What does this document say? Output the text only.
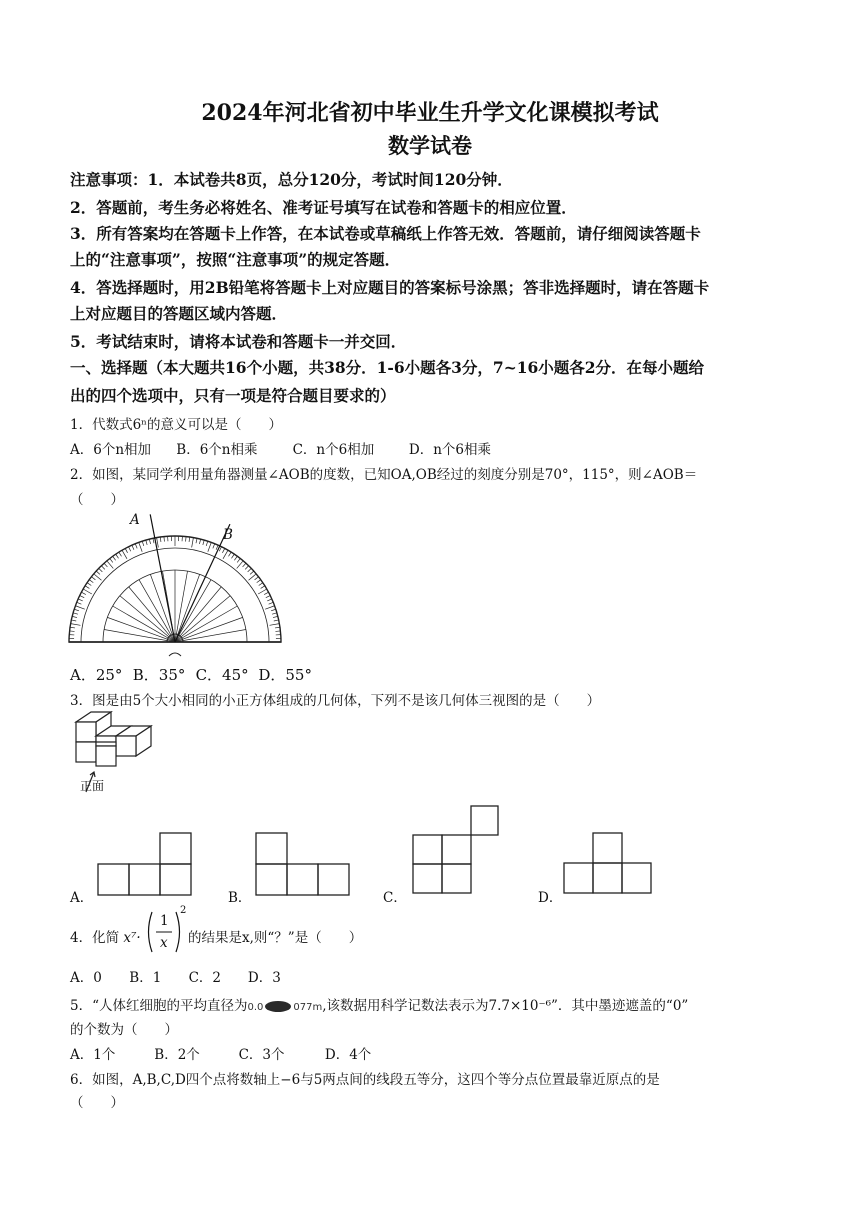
2024年河北省初中毕业生升学文化课模拟考试
数学试卷
注意事项：1．本试卷共8页，总分120分，考试时间120分钟．
2．答题前，考生务必将姓名、准考证号填写在试卷和答题卡的相应位置．
3．所有答案均在答题卡上作答，在本试卷或草稿纸上作答无效．答题前，请仔细阅读答题卡
上的“注意事项”，按照“注意事项”的规定答题．
4．答选择题时，用2B铅笔将答题卡上对应题目的答案标号涂黑；答非选择题时，请在答题卡
上对应题目的答题区域内答题．
5．考试结束时，请将本试卷和答题卡一并交回．
一、选择题（本大题共16个小题，共38分．1-6小题各3分，7~16小题各2分．在每小题给
出的四个选项中，只有一项是符合题目要求的）
1．代数式6ⁿ的意义可以是（　　）
A．6个n相加 B．6个n相乘	C．n个6相加	D．n个6相乘
2．如图，某同学利用量角器测量∠AOB的度数，已知OA,OB经过的刻度分别是70°，115°，则∠AOB＝
（　　）
A
B
A．25° B．35° C．45° D．55°
3．图是由5个大小相同的小正方体组成的几何体，下列不是该几何体三视图的是（　　）
正面
A．	B．	C．	D．
4．化简 x⁷·
1
x
2
的结果是x,则“？”是（　　）
A．0 B．1 C．2 D．3
5．“人体红细胞的平均直径为0.0	077m,该数据用科学记数法表示为7.7×10⁻⁶”．其中墨迹遮盖的“0”
的个数为（　　）
A．1个	B．2个	C．3个	D．4个
6．如图，A,B,C,D四个点将数轴上−6与5两点间的线段五等分，这四个等分点位置最靠近原点的是
（　　）
